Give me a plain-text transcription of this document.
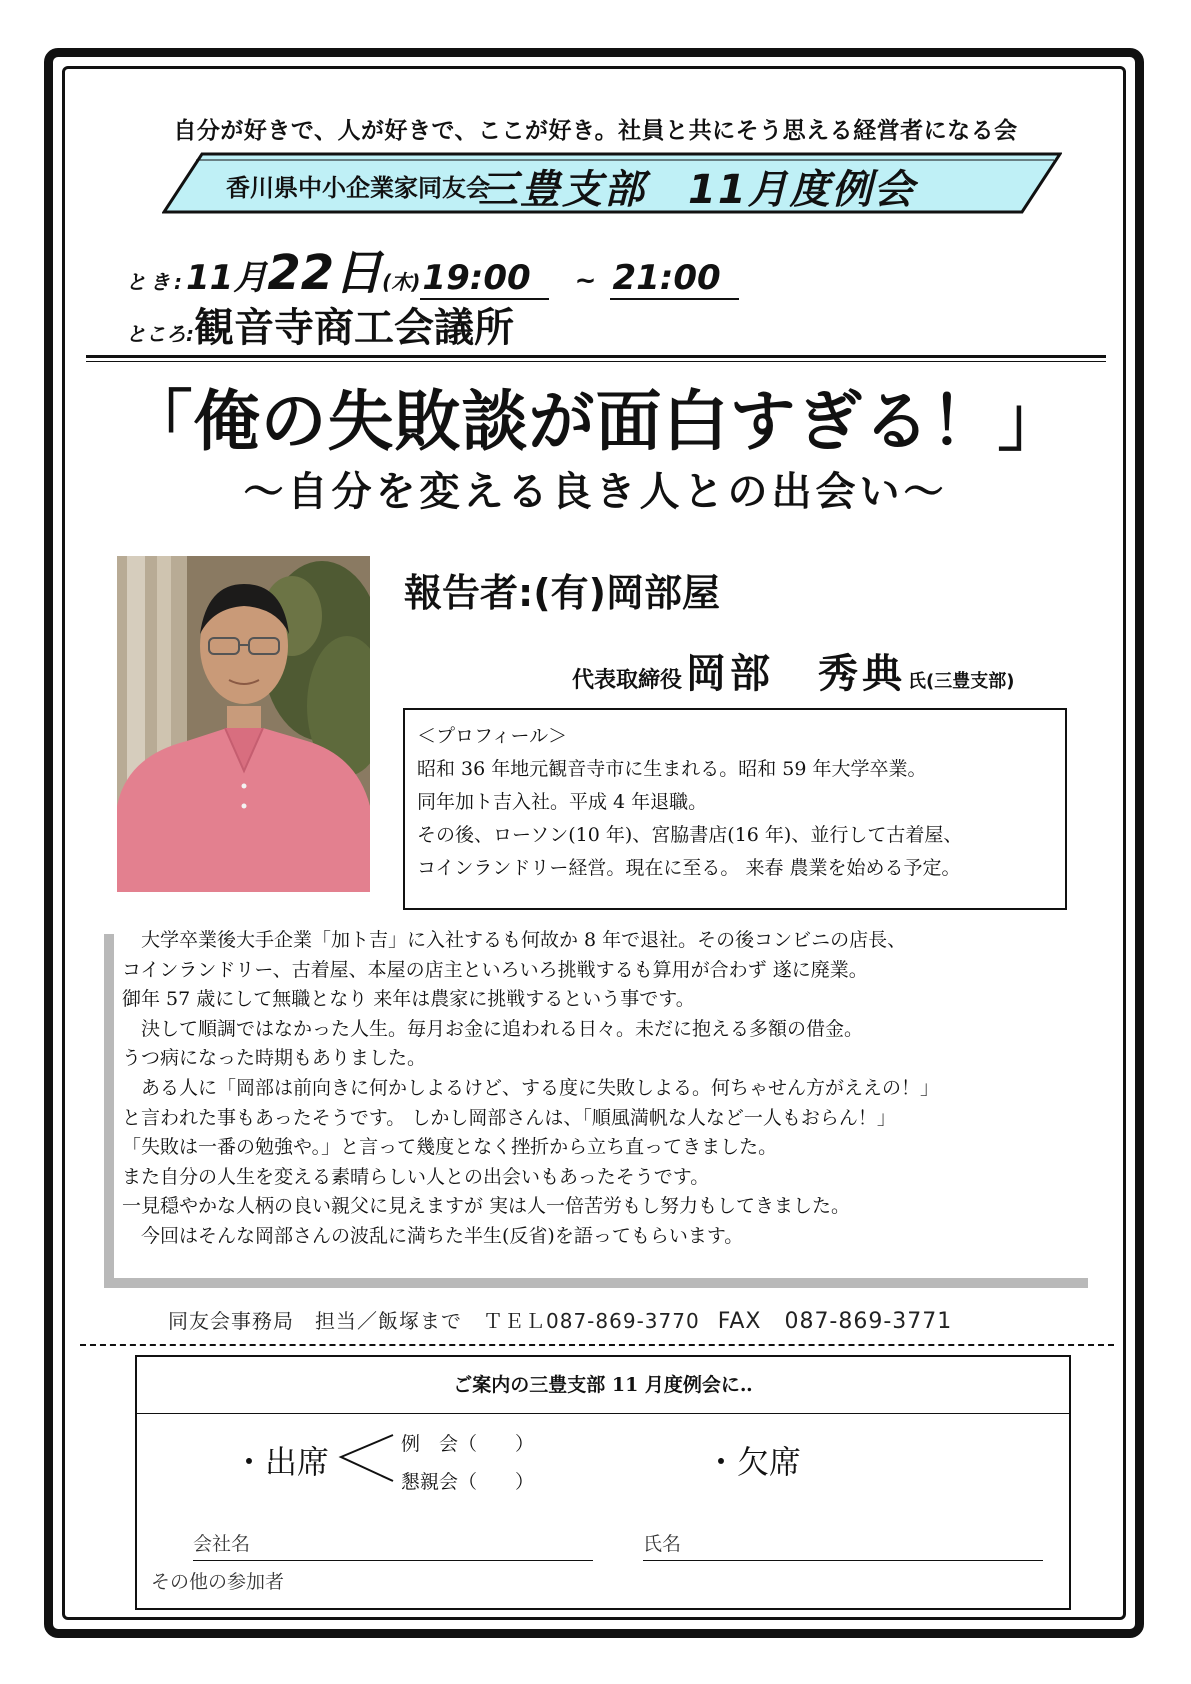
自分が好きで、人が好きで、ここが好き。社員と共にそう思える経営者になる会
香川県中小企業家同友会
三豊支部　11月度例会
とき:11月22日(木)19:00 ~ 21:00
ところ:観音寺商工会議所
「俺の失敗談が面白すぎる！」
〜自分を変える良き人との出会い〜
報告者:(有)岡部屋
代表取締役 岡部　秀典 氏(三豊支部)
＜プロフィール＞
昭和 36 年地元観音寺市に生まれる。昭和 59 年大学卒業。
同年加ト吉入社。平成 4 年退職。
その後、ローソン(10 年)、宮脇書店(16 年)、並行して古着屋、
コインランドリー経営。現在に至る。 来春 農業を始める予定。
　大学卒業後大手企業「加ト吉」に入社するも何故か 8 年で退社。その後コンビニの店長、
コインランドリー、古着屋、本屋の店主といろいろ挑戦するも算用が合わず 遂に廃業。
御年 57 歳にして無職となり 来年は農家に挑戦するという事です。
　決して順調ではなかった人生。毎月お金に追われる日々。未だに抱える多額の借金。
うつ病になった時期もありました。
　ある人に「岡部は前向きに何かしよるけど、する度に失敗しよる。何ちゃせん方がええの！」
と言われた事もあったそうです。 しかし岡部さんは、「順風満帆な人など一人もおらん！」
「失敗は一番の勉強や。」と言って幾度となく挫折から立ち直ってきました。
また自分の人生を変える素晴らしい人との出会いもあったそうです。
一見穏やかな人柄の良い親父に見えますが 実は人一倍苦労もし努力もしてきました。
　今回はそんな岡部さんの波乱に満ちた半生(反省)を語ってもらいます。
同友会事務局　担当／飯塚まで　ＴＥＬ087-869-3770 FAX　087-869-3771
ご案内の三豊支部 11 月度例会に‥
・出席	例　会（　　）
懇親会（　　）
・欠席
会社名	氏名
その他の参加者
